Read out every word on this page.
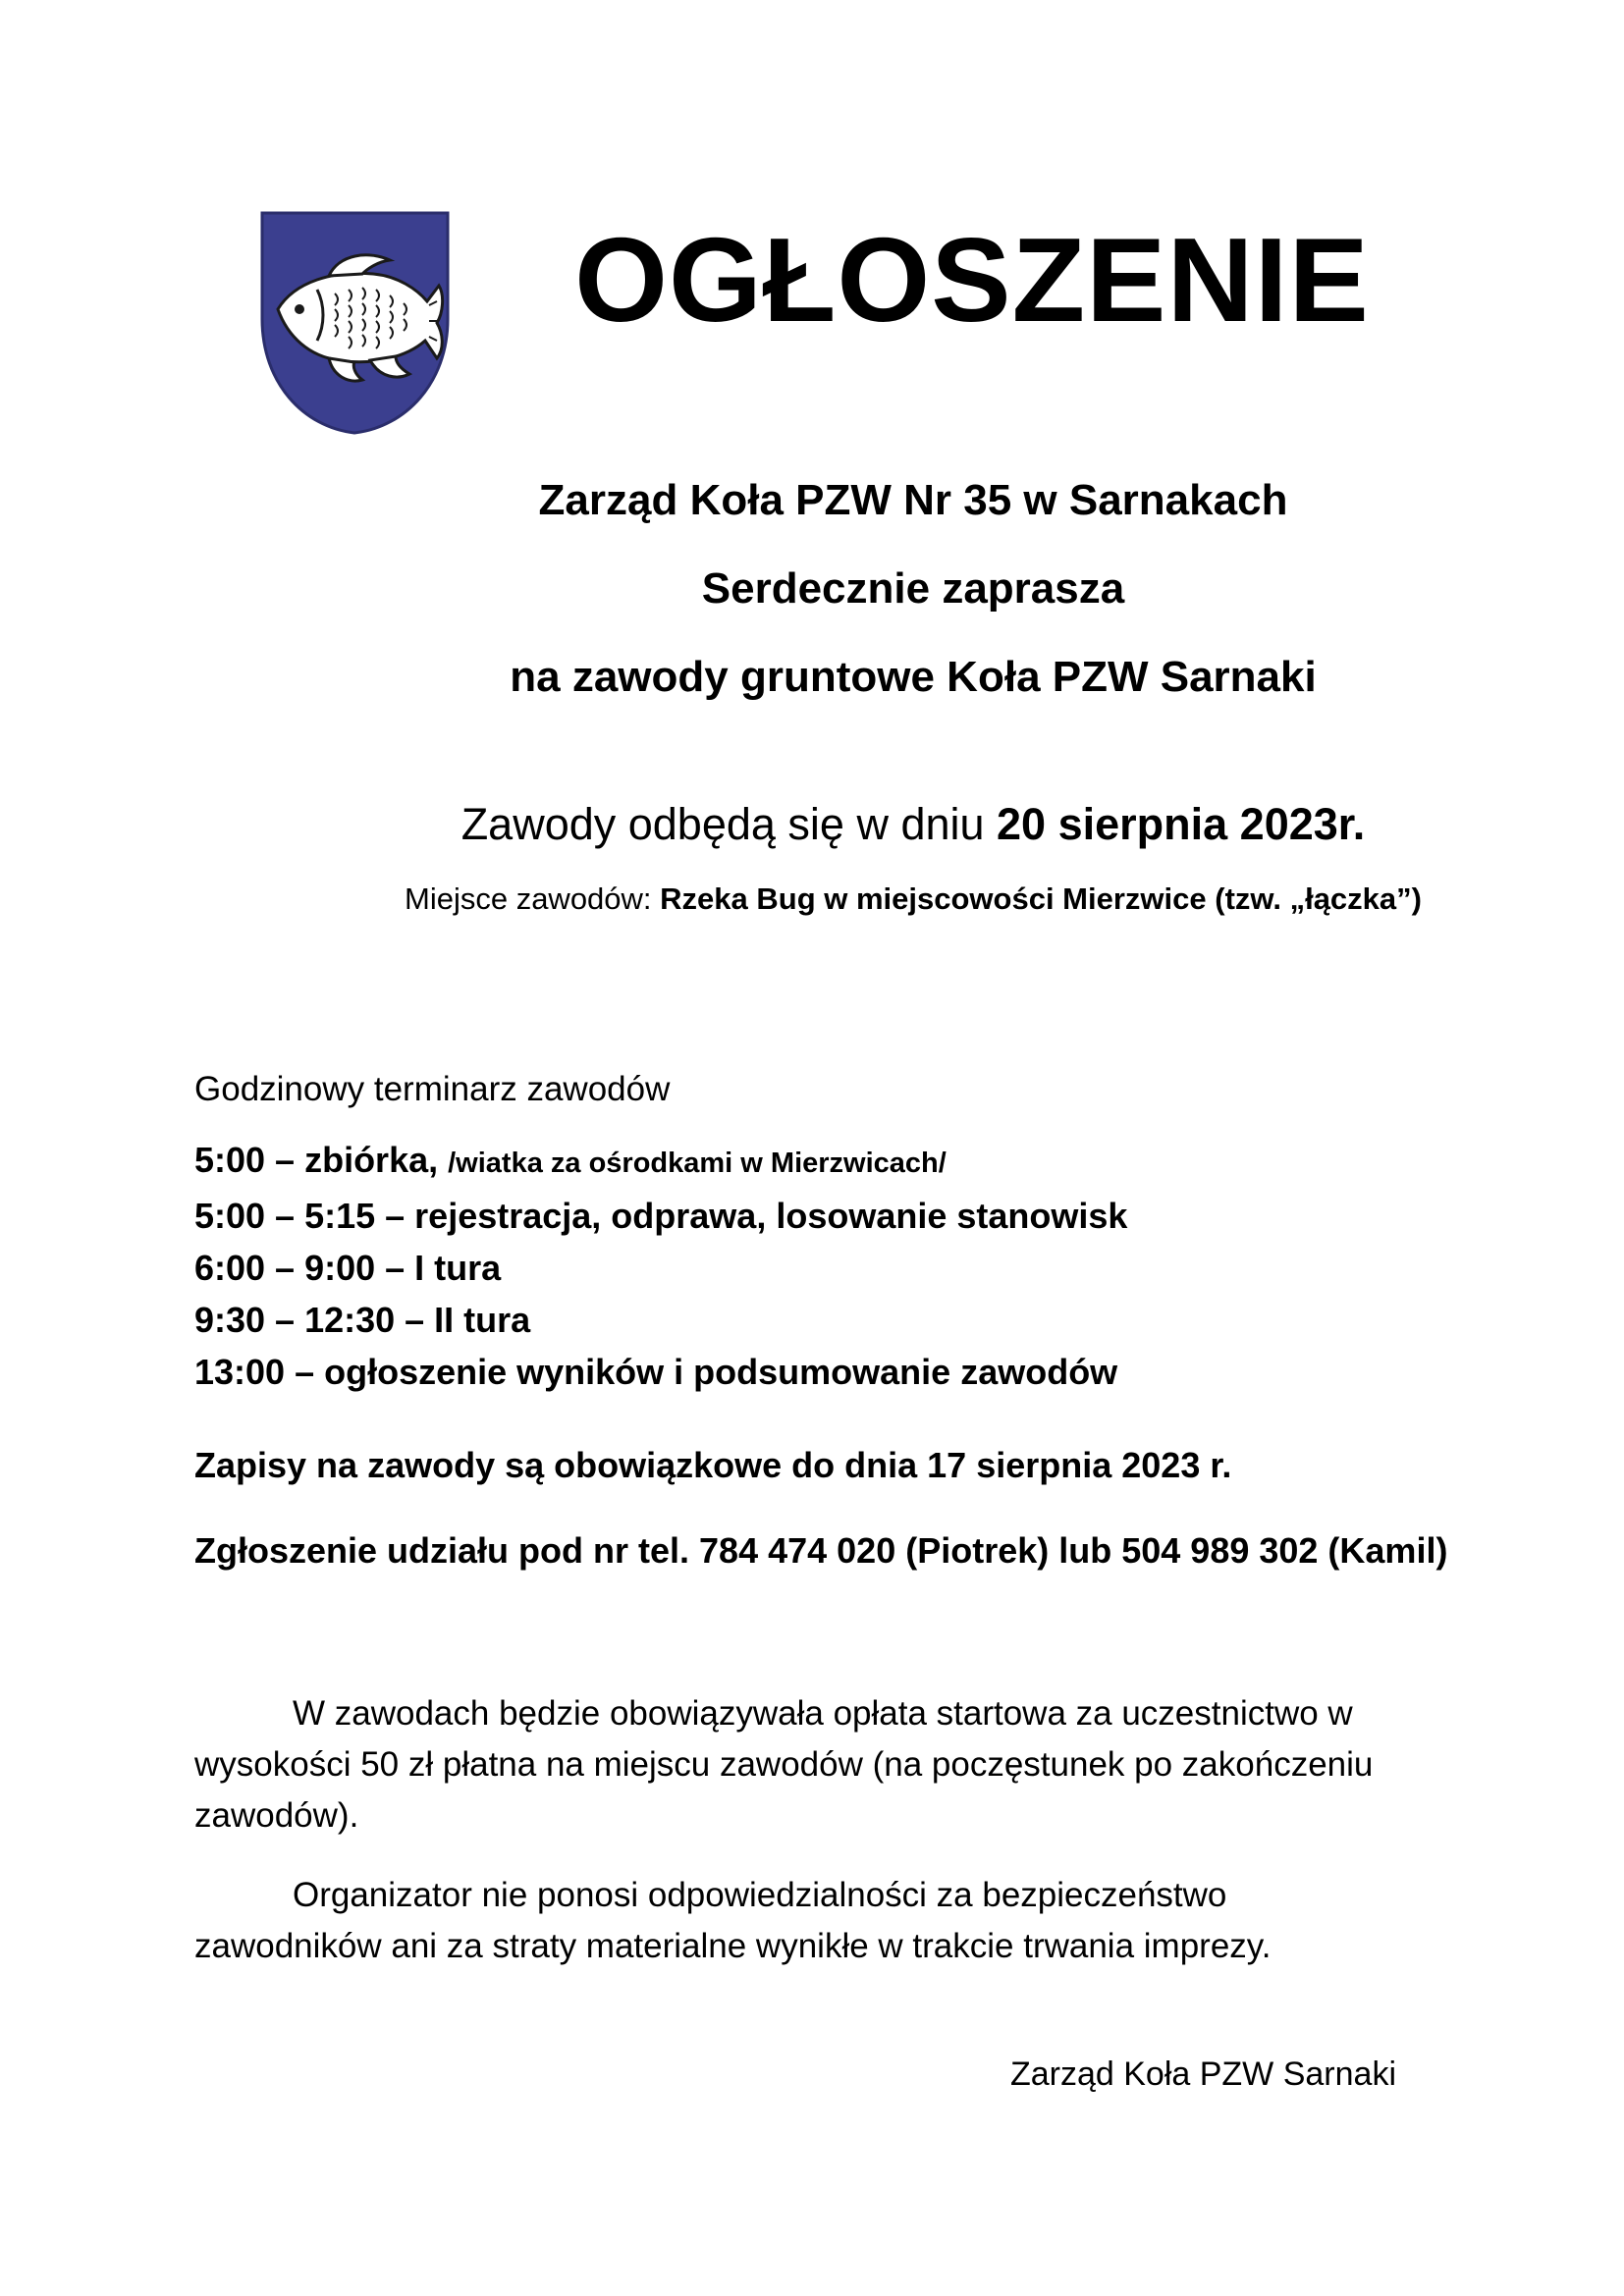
OGŁOSZENIE
Zarząd Koła PZW Nr 35 w Sarnakach
Serdecznie zaprasza
na zawody gruntowe Koła PZW Sarnaki
Zawody odbędą się w dniu 20 sierpnia 2023r.
Miejsce zawodów: Rzeka Bug w miejscowości Mierzwice (tzw. „łączka”)
Godzinowy terminarz zawodów
5:00 – zbiórka, /wiatka za ośrodkami w Mierzwicach/
5:00 – 5:15 – rejestracja, odprawa, losowanie stanowisk
6:00 – 9:00 – I tura
9:30 – 12:30 – II tura
13:00 – ogłoszenie wyników i podsumowanie zawodów
Zapisy na zawody są obowiązkowe do dnia 17 sierpnia 2023 r.
Zgłoszenie udziału pod nr tel. 784 474 020 (Piotrek) lub 504 989 302 (Kamil)
W zawodach będzie obowiązywała opłata startowa za uczestnictwo w wysokości 50 zł płatna na miejscu zawodów (na poczęstunek po zakończeniu zawodów).
Organizator nie ponosi odpowiedzialności za bezpieczeństwo zawodników ani za straty materialne wynikłe w trakcie trwania imprezy.
Zarząd Koła PZW Sarnaki
